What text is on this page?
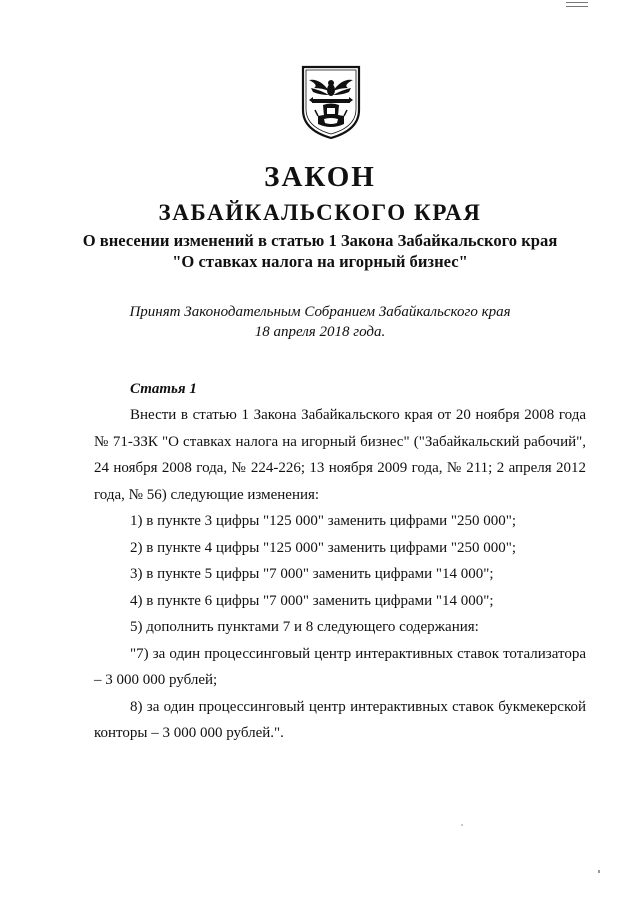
ЗАКОН
ЗАБАЙКАЛЬСКОГО КРАЯ
О внесении изменений в статью 1 Закона Забайкальского края
"О ставках налога на игорный бизнес"
Принят Законодательным Собранием Забайкальского края
18 апреля 2018 года.
Статья 1

Внести в статью 1 Закона Забайкальского края от 20 ноября 2008 года № 71-ЗЗК "О ставках налога на игорный бизнес" ("Забайкальский рабочий", 24 ноября 2008 года, № 224-226; 13 ноября 2009 года, № 211; 2 апреля 2012 года, № 56) следующие изменения:

1) в пункте 3 цифры "125 000" заменить цифрами "250 000";

2) в пункте 4 цифры "125 000" заменить цифрами "250 000";

3) в пункте 5 цифры "7 000" заменить цифрами "14 000";

4) в пункте 6 цифры "7 000" заменить цифрами "14 000";

5) дополнить пунктами 7 и 8 следующего содержания:

"7) за один процессинговый центр интерактивных ставок тотализатора – 3 000 000 рублей;

8) за один процессинговый центр интерактивных ставок букмекерской конторы – 3 000 000 рублей.".
